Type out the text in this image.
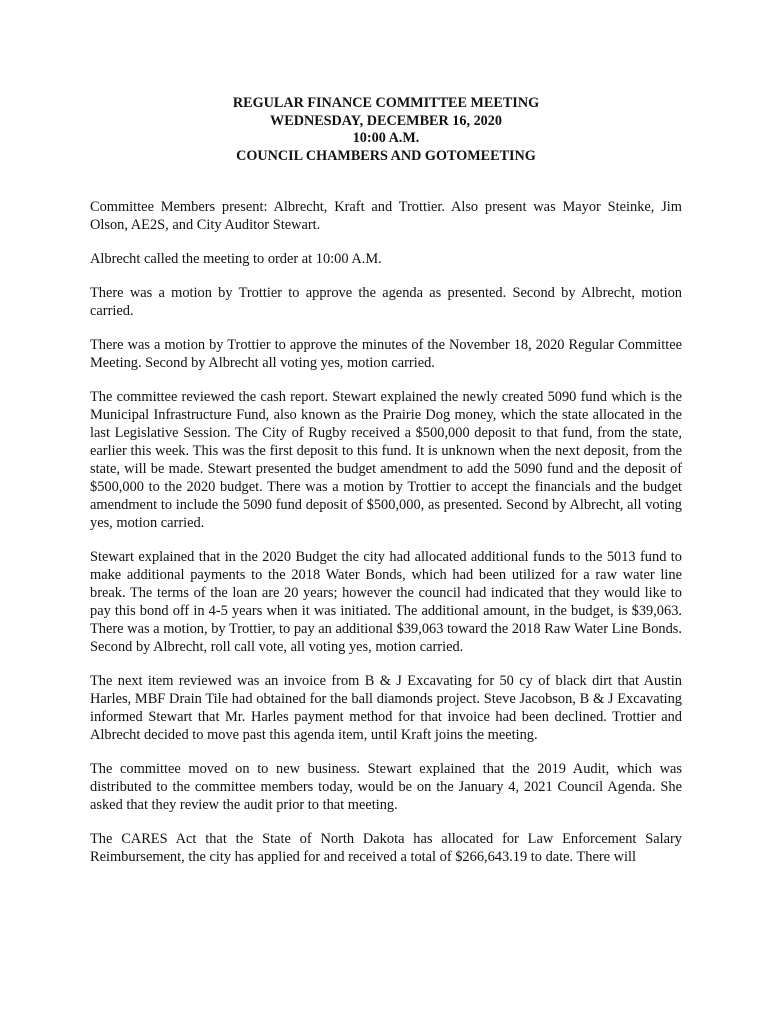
REGULAR FINANCE COMMITTEE MEETING
WEDNESDAY, DECEMBER 16, 2020
10:00 A.M.
COUNCIL CHAMBERS AND GOTOMEETING

Committee Members present: Albrecht, Kraft and Trottier. Also present was Mayor Steinke, Jim Olson, AE2S, and City Auditor Stewart.

Albrecht called the meeting to order at 10:00 A.M.

There was a motion by Trottier to approve the agenda as presented. Second by Albrecht, motion carried.

There was a motion by Trottier to approve the minutes of the November 18, 2020 Regular Committee Meeting. Second by Albrecht all voting yes, motion carried.

The committee reviewed the cash report. Stewart explained the newly created 5090 fund which is the Municipal Infrastructure Fund, also known as the Prairie Dog money, which the state allocated in the last Legislative Session. The City of Rugby received a $500,000 deposit to that fund, from the state, earlier this week. This was the first deposit to this fund. It is unknown when the next deposit, from the state, will be made. Stewart presented the budget amendment to add the 5090 fund and the deposit of $500,000 to the 2020 budget. There was a motion by Trottier to accept the financials and the budget amendment to include the 5090 fund deposit of $500,000, as presented. Second by Albrecht, all voting yes, motion carried.

Stewart explained that in the 2020 Budget the city had allocated additional funds to the 5013 fund to make additional payments to the 2018 Water Bonds, which had been utilized for a raw water line break. The terms of the loan are 20 years; however the council had indicated that they would like to pay this bond off in 4-5 years when it was initiated. The additional amount, in the budget, is $39,063. There was a motion, by Trottier, to pay an additional $39,063 toward the 2018 Raw Water Line Bonds. Second by Albrecht, roll call vote, all voting yes, motion carried.

The next item reviewed was an invoice from B & J Excavating for 50 cy of black dirt that Austin Harles, MBF Drain Tile had obtained for the ball diamonds project. Steve Jacobson, B & J Excavating informed Stewart that Mr. Harles payment method for that invoice had been declined. Trottier and Albrecht decided to move past this agenda item, until Kraft joins the meeting.

The committee moved on to new business. Stewart explained that the 2019 Audit, which was distributed to the committee members today, would be on the January 4, 2021 Council Agenda. She asked that they review the audit prior to that meeting.

The CARES Act that the State of North Dakota has allocated for Law Enforcement Salary Reimbursement, the city has applied for and received a total of $266,643.19 to date. There will
